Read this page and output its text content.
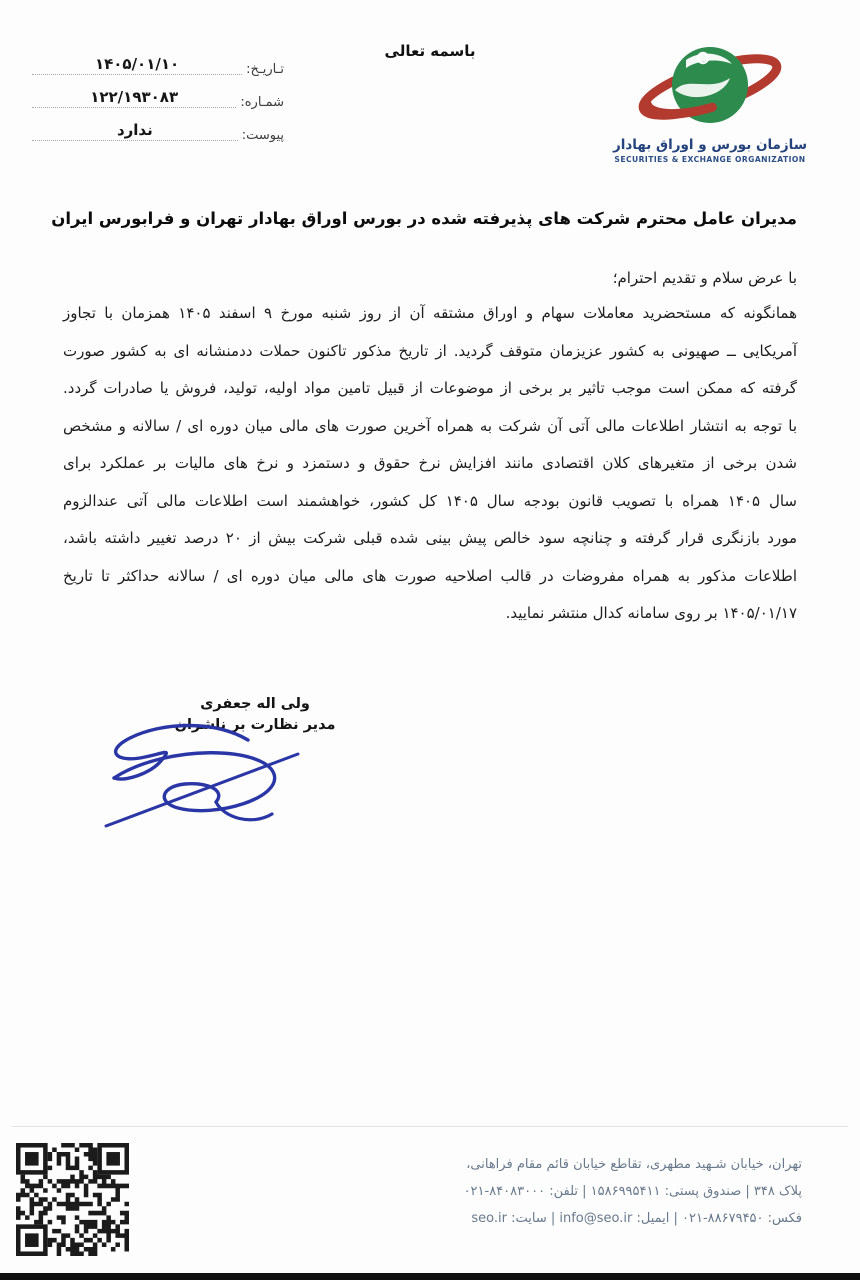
تـاریـخ:
۱۴۰۵/۰۱/۱۰
شمـاره:
۱۲۲/۱۹۳۰۸۳
پیوست:
ندارد
باسمه تعالی
سازمان بورس و اوراق بهادار
SECURITIES & EXCHANGE ORGANIZATION
مدیران عامل محترم شرکت های پذیرفته شده در بورس اوراق بهادار تهران و فرابورس ایران
با عرض سلام و تقدیم احترام؛
همانگونه که مستحضرید معاملات سهام و اوراق مشتقه آن از روز شنبه مورخ ۹ اسفند ۱۴۰۵ همزمان با تجاوز
آمریکایی ــ صهیونی به کشور عزیزمان متوقف گردید. از تاریخ مذکور تاکنون حملات ددمنشانه ای به کشور صورت
گرفته که ممکن است موجب تاثیر بر برخی از موضوعات از قبیل تامین مواد اولیه، تولید، فروش یا صادرات گردد.
با توجه به انتشار اطلاعات مالی آتی آن شرکت به همراه آخرین صورت های مالی میان دوره ای / سالانه و مشخص
شدن برخی از متغیرهای کلان اقتصادی مانند افزایش نرخ حقوق و دستمزد و نرخ های مالیات بر عملکرد برای
سال ۱۴۰۵ همراه با تصویب قانون بودجه سال ۱۴۰۵ کل کشور، خواهشمند است اطلاعات مالی آتی عندالزوم
مورد بازنگری قرار گرفته و چنانچه سود خالص پیش بینی شده قبلی شرکت بیش از ۲۰ درصد تغییر داشته باشد،
اطلاعات مذکور به همراه مفروضات در قالب اصلاحیه صورت های مالی میان دوره ای / سالانه حداکثر تا تاریخ
۱۴۰۵/۰۱/۱۷ بر روی سامانه کدال منتشر نمایید.
ولی اله جعفری
مدیر نظارت بر ناشران
تهران، خیابان شـهید مطهری، تقاطع خیابان قائم مقام فراهانی،
پلاک ۳۴۸ | صندوق پستی: ۱۵۸۶۹۹۵۴۱۱ | تلفن: ۰۲۱‎-‎۸۴۰۸۳۰۰۰
فکس: ۰۲۱‎-‎۸۸۶۷۹۴۵۰ | ایمیل: info@seo.ir | سایت: seo.ir
